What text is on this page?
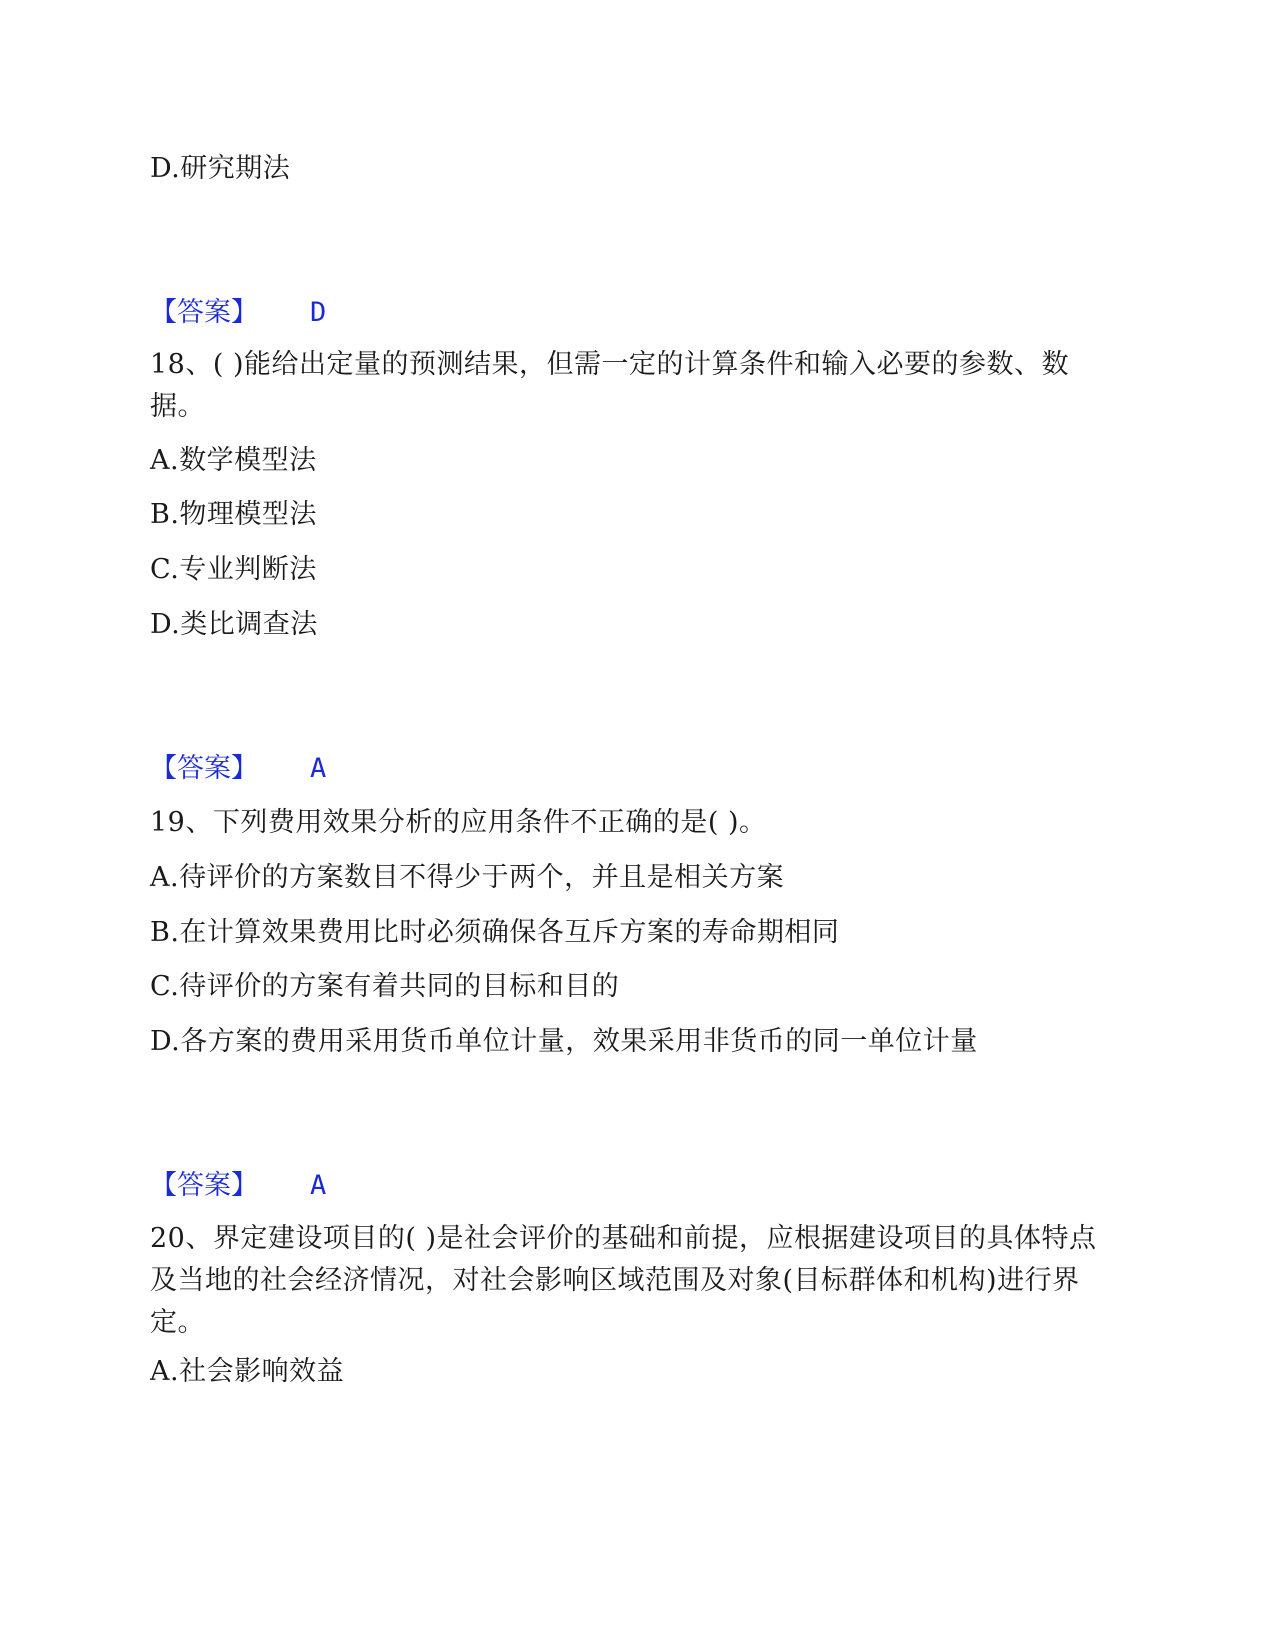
D.研究期法
【答案】 D
18、( )能给出定量的预测结果，但需一定的计算条件和输入必要的参数、数据。
A.数学模型法
B.物理模型法
C.专业判断法
D.类比调查法
【答案】 A
19、下列费用效果分析的应用条件不正确的是( )。
A.待评价的方案数目不得少于两个，并且是相关方案
B.在计算效果费用比时必须确保各互斥方案的寿命期相同
C.待评价的方案有着共同的目标和目的
D.各方案的费用采用货币单位计量，效果采用非货币的同一单位计量
【答案】 A
20、界定建设项目的( )是社会评价的基础和前提，应根据建设项目的具体特点及当地的社会经济情况，对社会影响区域范围及对象(目标群体和机构)进行界定。
A.社会影响效益
